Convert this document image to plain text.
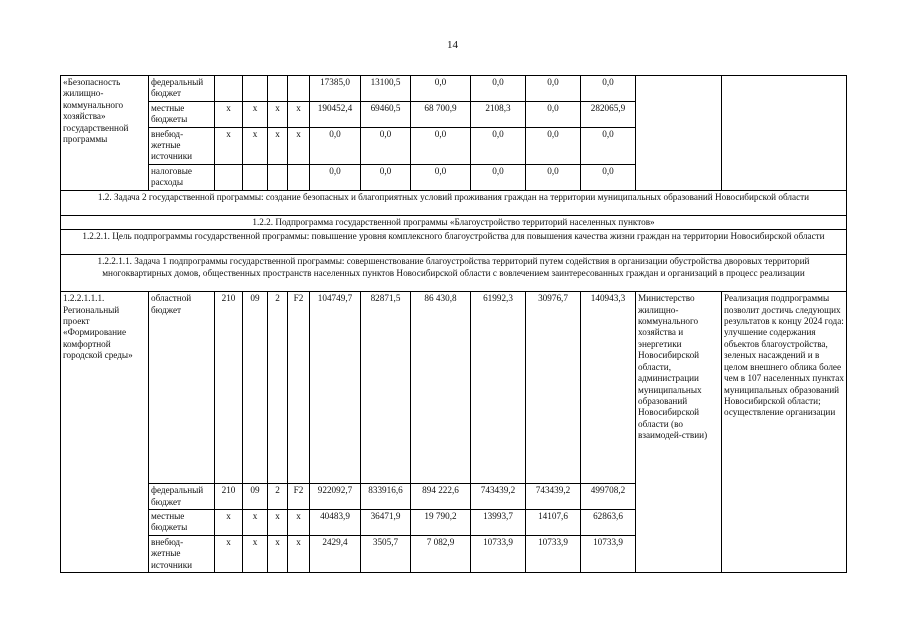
14
«Безопасность жилищно-коммунального хозяйства» государственной программы	федеральный бюджет					17385,0	13100,5	0,0	0,0	0,0	0,0		
	местные бюджеты	х	х	х	х	190452,4	69460,5	68 700,9	2108,3	0,0	282065,9		
	внебюд-жетные источники	х	х	х	х	0,0	0,0	0,0	0,0	0,0	0,0		
	налоговые расходы					0,0	0,0	0,0	0,0	0,0	0,0		
1.2. Задача 2 государственной программы: создание безопасных и благоприятных условий проживания граждан на территории муниципальных образований Новосибирской области													
1.2.2. Подпрограмма государственной программы «Благоустройство территорий населенных пунктов»													
1.2.2.1. Цель подпрограммы государственной программы: повышение уровня комплексного благоустройства для повышения качества жизни граждан на территории Новосибирской области													
1.2.2.1.1. Задача 1 подпрограммы государственной программы: совершенствование благоустройства территорий путем содействия в организации обустройства дворовых территорий многоквартирных домов, общественных пространств населенных пунктов Новосибирской области с вовлечением заинтересованных граждан и организаций в процесс реализации													
1.2.2.1.1.1. Региональный проект «Формирование комфортной городской среды»	областной бюджет	210	09	2	F2	104749,7	82871,5	86 430,8	61992,3	30976,7	140943,3	Министерство жилищно-коммунального хозяйства и энергетики Новосибирской области, администрации муниципальных образований Новосибирской области (во взаимодей-ствии)	Реализация подпрограммы позволит достичь следующих результатов к концу 2024 года: улучшение содержания объектов благоустройства, зеленых насаждений и в целом внешнего облика более чем в 107 населенных пунктах муниципальных образований Новосибирской области; осуществление организации
	федеральный бюджет	210	09	2	F2	922092,7	833916,6	894 222,6	743439,2	743439,2	499708,2		
	местные бюджеты	х	х	х	х	40483,9	36471,9	19 790,2	13993,7	14107,6	62863,6		
	внебюд-жетные источники	х	х	х	х	2429,4	3505,7	7 082,9	10733,9	10733,9	10733,9		
